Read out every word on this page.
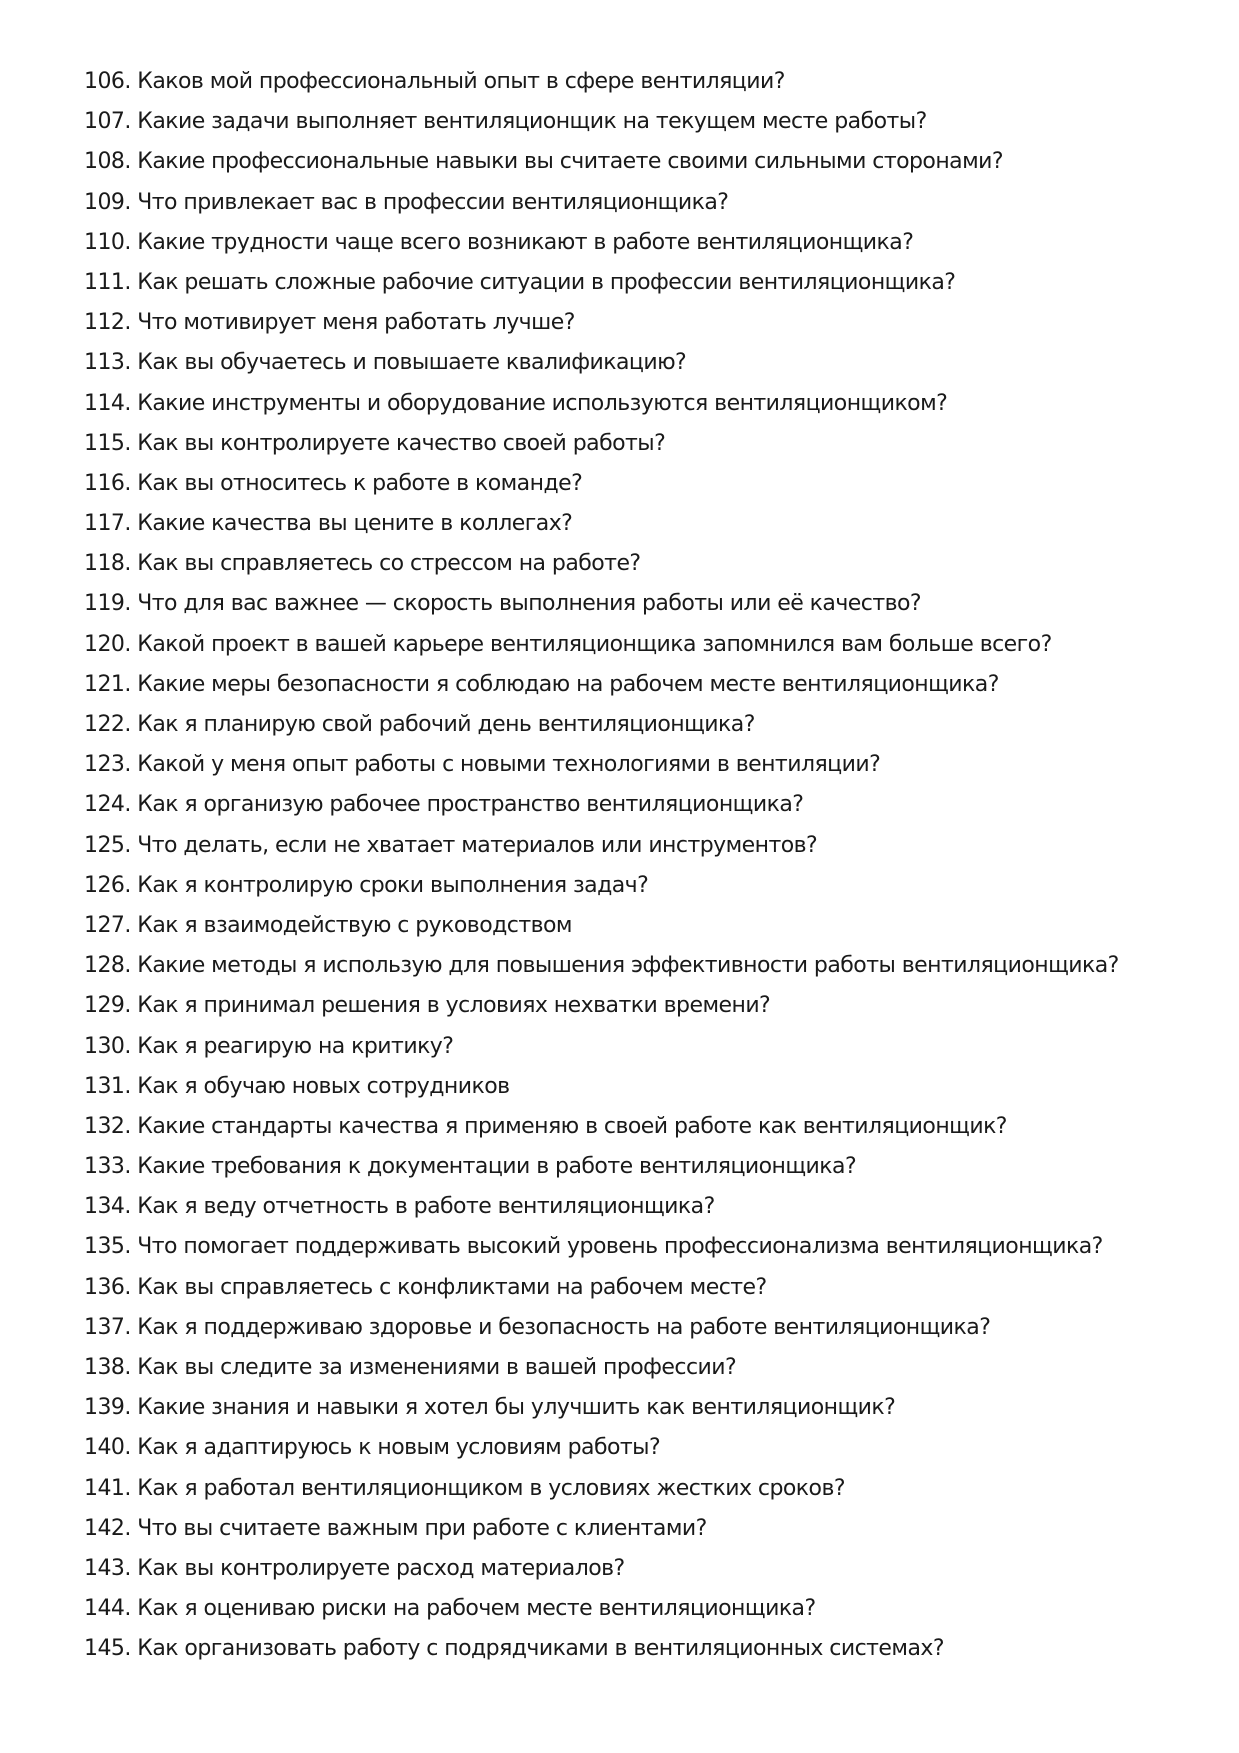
106. Каков мой профессиональный опыт в сфере вентиляции?
107. Какие задачи выполняет вентиляционщик на текущем месте работы?
108. Какие профессиональные навыки вы считаете своими сильными сторонами?
109. Что привлекает вас в профессии вентиляционщика?
110. Какие трудности чаще всего возникают в работе вентиляционщика?
111. Как решать сложные рабочие ситуации в профессии вентиляционщика?
112. Что мотивирует меня работать лучше?
113. Как вы обучаетесь и повышаете квалификацию?
114. Какие инструменты и оборудование используются вентиляционщиком?
115. Как вы контролируете качество своей работы?
116. Как вы относитесь к работе в команде?
117. Какие качества вы цените в коллегах?
118. Как вы справляетесь со стрессом на работе?
119. Что для вас важнее — скорость выполнения работы или её качество?
120. Какой проект в вашей карьере вентиляционщика запомнился вам больше всего?
121. Какие меры безопасности я соблюдаю на рабочем месте вентиляционщика?
122. Как я планирую свой рабочий день вентиляционщика?
123. Какой у меня опыт работы с новыми технологиями в вентиляции?
124. Как я организую рабочее пространство вентиляционщика?
125. Что делать, если не хватает материалов или инструментов?
126. Как я контролирую сроки выполнения задач?
127. Как я взаимодействую с руководством
128. Какие методы я использую для повышения эффективности работы вентиляционщика?
129. Как я принимал решения в условиях нехватки времени?
130. Как я реагирую на критику?
131. Как я обучаю новых сотрудников
132. Какие стандарты качества я применяю в своей работе как вентиляционщик?
133. Какие требования к документации в работе вентиляционщика?
134. Как я веду отчетность в работе вентиляционщика?
135. Что помогает поддерживать высокий уровень профессионализма вентиляционщика?
136. Как вы справляетесь с конфликтами на рабочем месте?
137. Как я поддерживаю здоровье и безопасность на работе вентиляционщика?
138. Как вы следите за изменениями в вашей профессии?
139. Какие знания и навыки я хотел бы улучшить как вентиляционщик?
140. Как я адаптируюсь к новым условиям работы?
141. Как я работал вентиляционщиком в условиях жестких сроков?
142. Что вы считаете важным при работе с клиентами?
143. Как вы контролируете расход материалов?
144. Как я оцениваю риски на рабочем месте вентиляционщика?
145. Как организовать работу с подрядчиками в вентиляционных системах?
